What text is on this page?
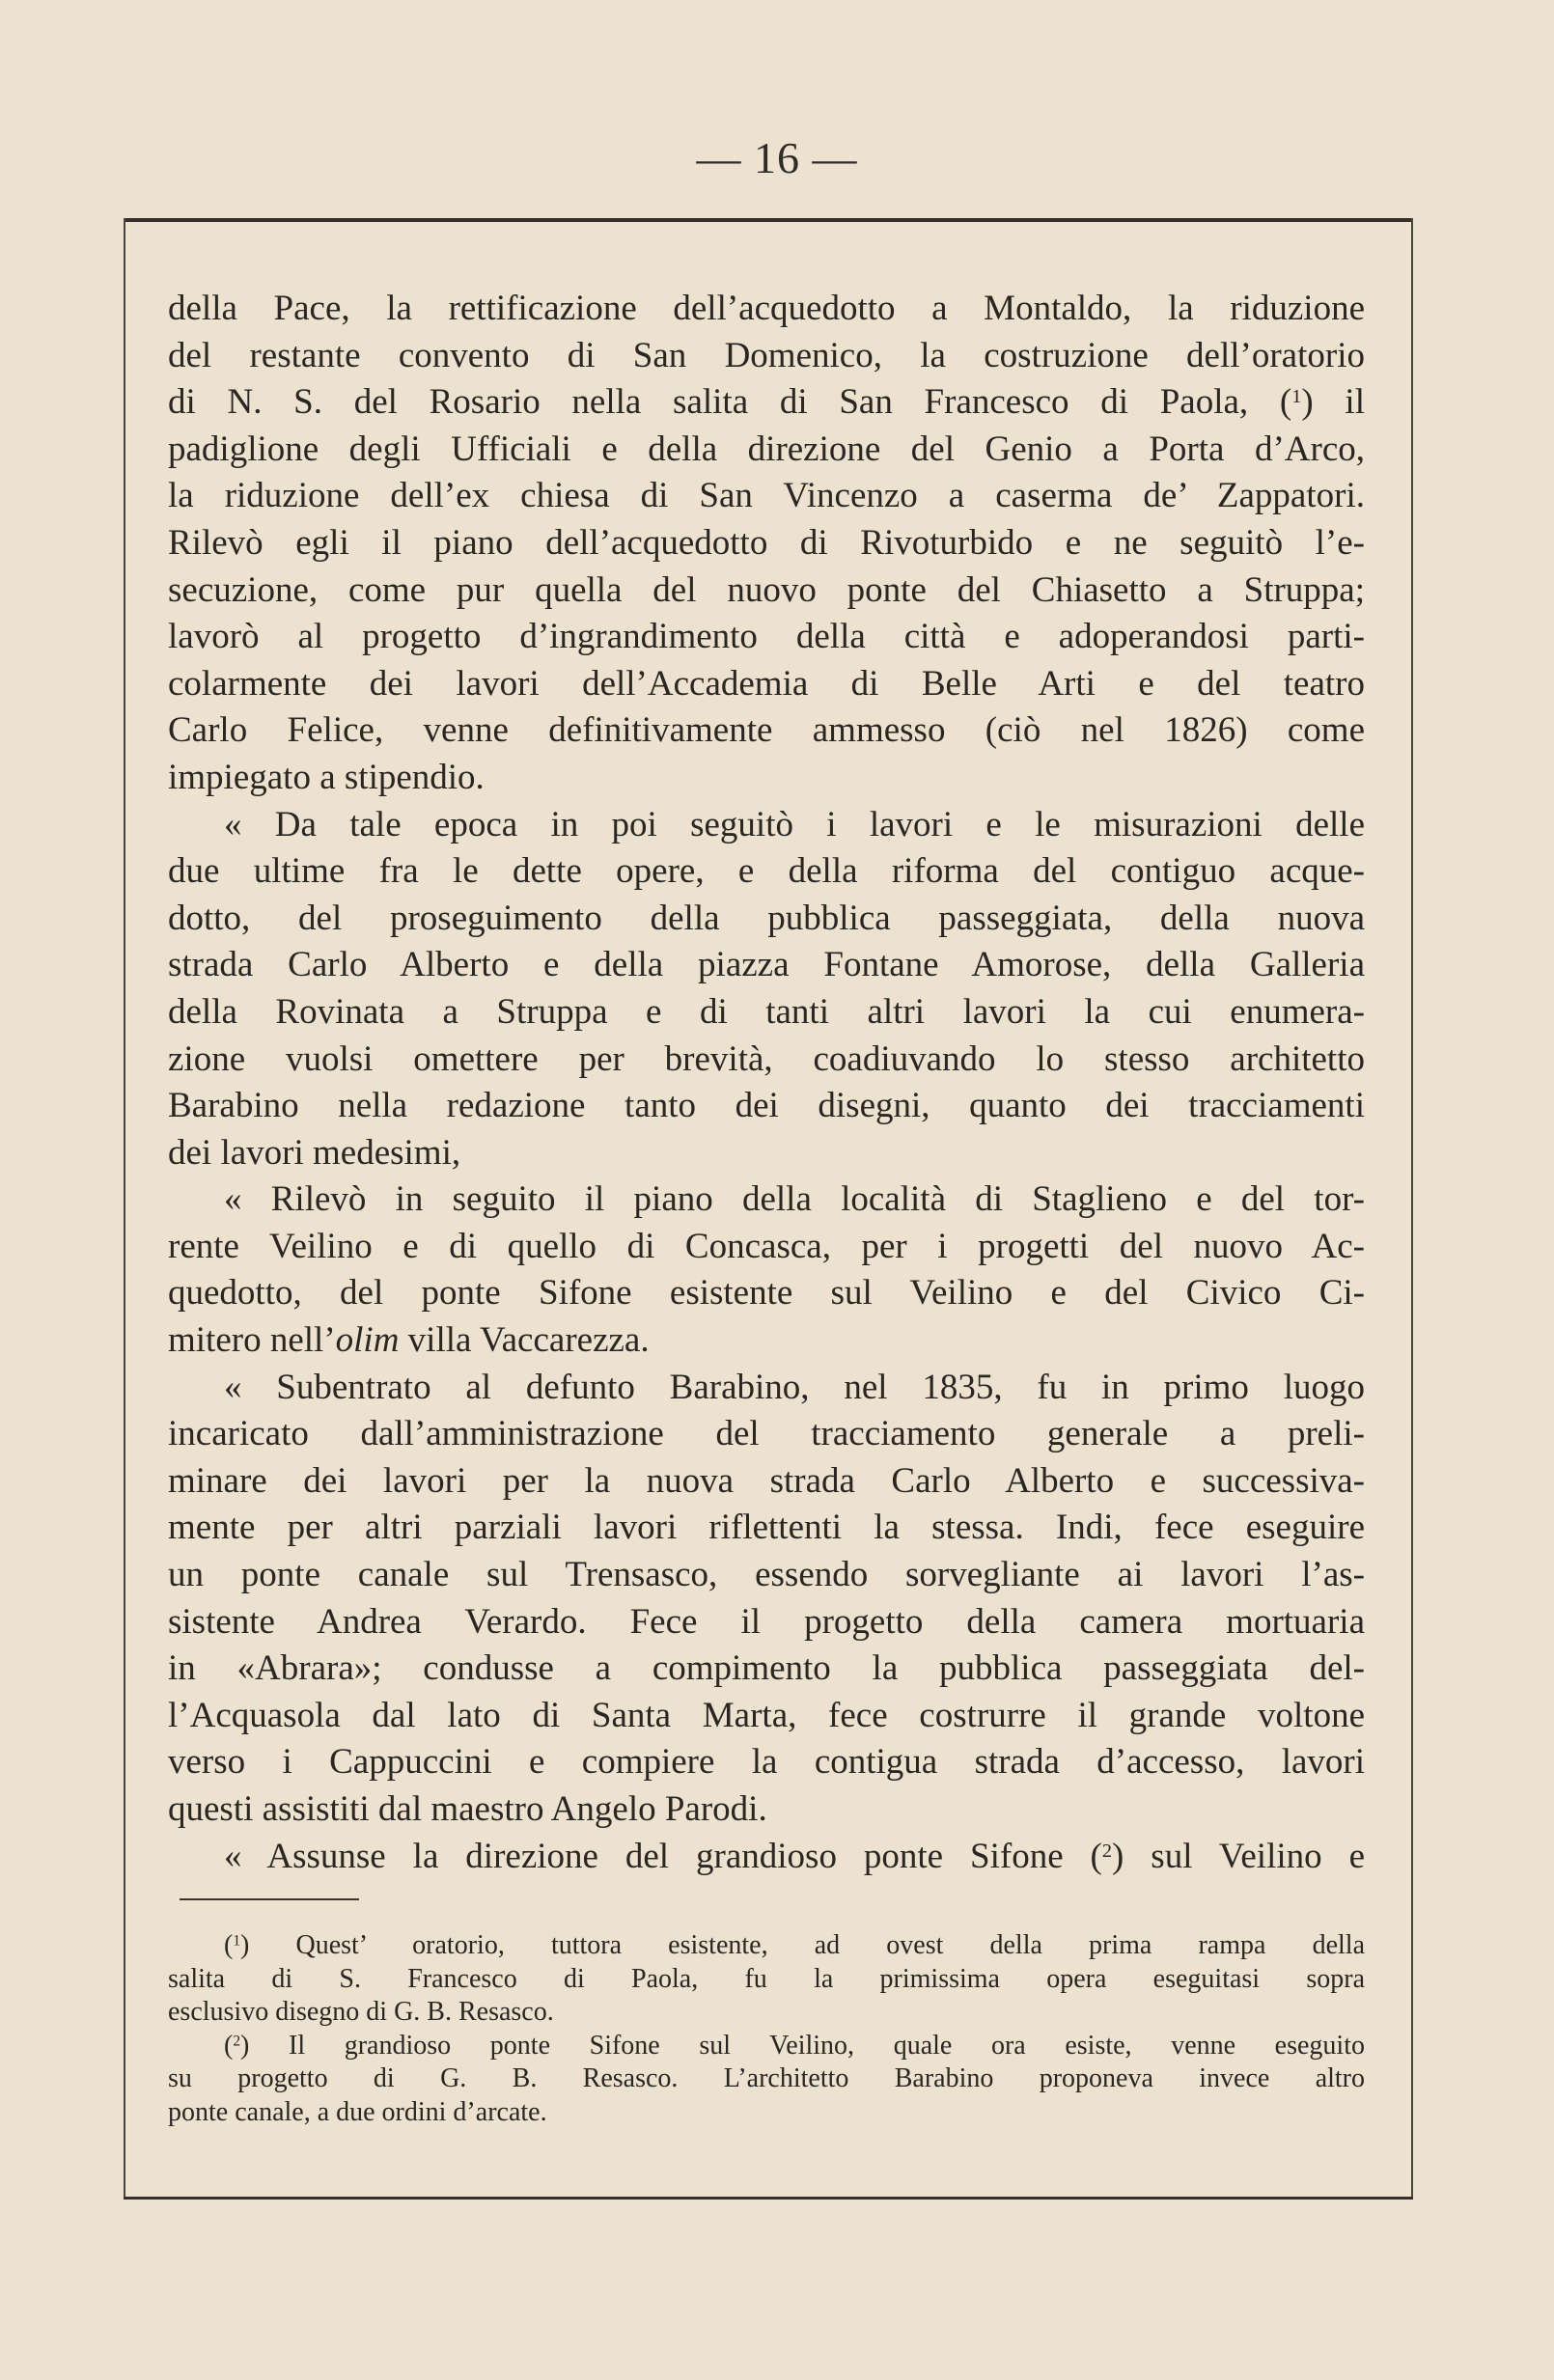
— 16 —
della Pace, la rettificazione dell’acquedotto a Montaldo, la riduzione
del restante convento di San Domenico, la costruzione dell’oratorio
di N. S. del Rosario nella salita di San Francesco di Paola, ($^1$) il
padiglione degli Ufficiali e della direzione del Genio a Porta d’Arco,
la riduzione dell’ex chiesa di San Vincenzo a caserma de’ Zappatori.
Rilevò egli il piano dell’acquedotto di Rivoturbido e ne seguitò l’e-
secuzione, come pur quella del nuovo ponte del Chiasetto a Struppa;
lavorò al progetto d’ingrandimento della città e adoperandosi parti-
colarmente dei lavori dell’Accademia di Belle Arti e del teatro
Carlo Felice, venne definitivamente ammesso (ciò nel 1826) come
impiegato a stipendio.
« Da tale epoca in poi seguitò i lavori e le misurazioni delle
due ultime fra le dette opere, e della riforma del contiguo acque-
dotto, del proseguimento della pubblica passeggiata, della nuova
strada Carlo Alberto e della piazza Fontane Amorose, della Galleria
della Rovinata a Struppa e di tanti altri lavori la cui enumera-
zione vuolsi omettere per brevità, coadiuvando lo stesso architetto
Barabino nella redazione tanto dei disegni, quanto dei tracciamenti
dei lavori medesimi,
« Rilevò in seguito il piano della località di Staglieno e del tor-
rente Veilino e di quello di Concasca, per i progetti del nuovo Ac-
quedotto, del ponte Sifone esistente sul Veilino e del Civico Ci-
mitero nell’olim villa Vaccarezza.
« Subentrato al defunto Barabino, nel 1835, fu in primo luogo
incaricato dall’amministrazione del tracciamento generale a preli-
minare dei lavori per la nuova strada Carlo Alberto e successiva-
mente per altri parziali lavori riflettenti la stessa. Indi, fece eseguire
un ponte canale sul Trensasco, essendo sorvegliante ai lavori l’as-
sistente Andrea Verardo. Fece il progetto della camera mortuaria
in «Abrara»; condusse a compimento la pubblica passeggiata del-
l’Acquasola dal lato di Santa Marta, fece costrurre il grande voltone
verso i Cappuccini e compiere la contigua strada d’accesso, lavori
questi assistiti dal maestro Angelo Parodi.
« Assunse la direzione del grandioso ponte Sifone ($^2$) sul Veilino e
($^1$) Quest’ oratorio, tuttora esistente, ad ovest della prima rampa della
salita di S. Francesco di Paola, fu la primissima opera eseguitasi sopra
esclusivo disegno di G. B. Resasco.
($^2$) Il grandioso ponte Sifone sul Veilino, quale ora esiste, venne eseguito
su progetto di G. B. Resasco. L’architetto Barabino proponeva invece altro
ponte canale, a due ordini d’arcate.
